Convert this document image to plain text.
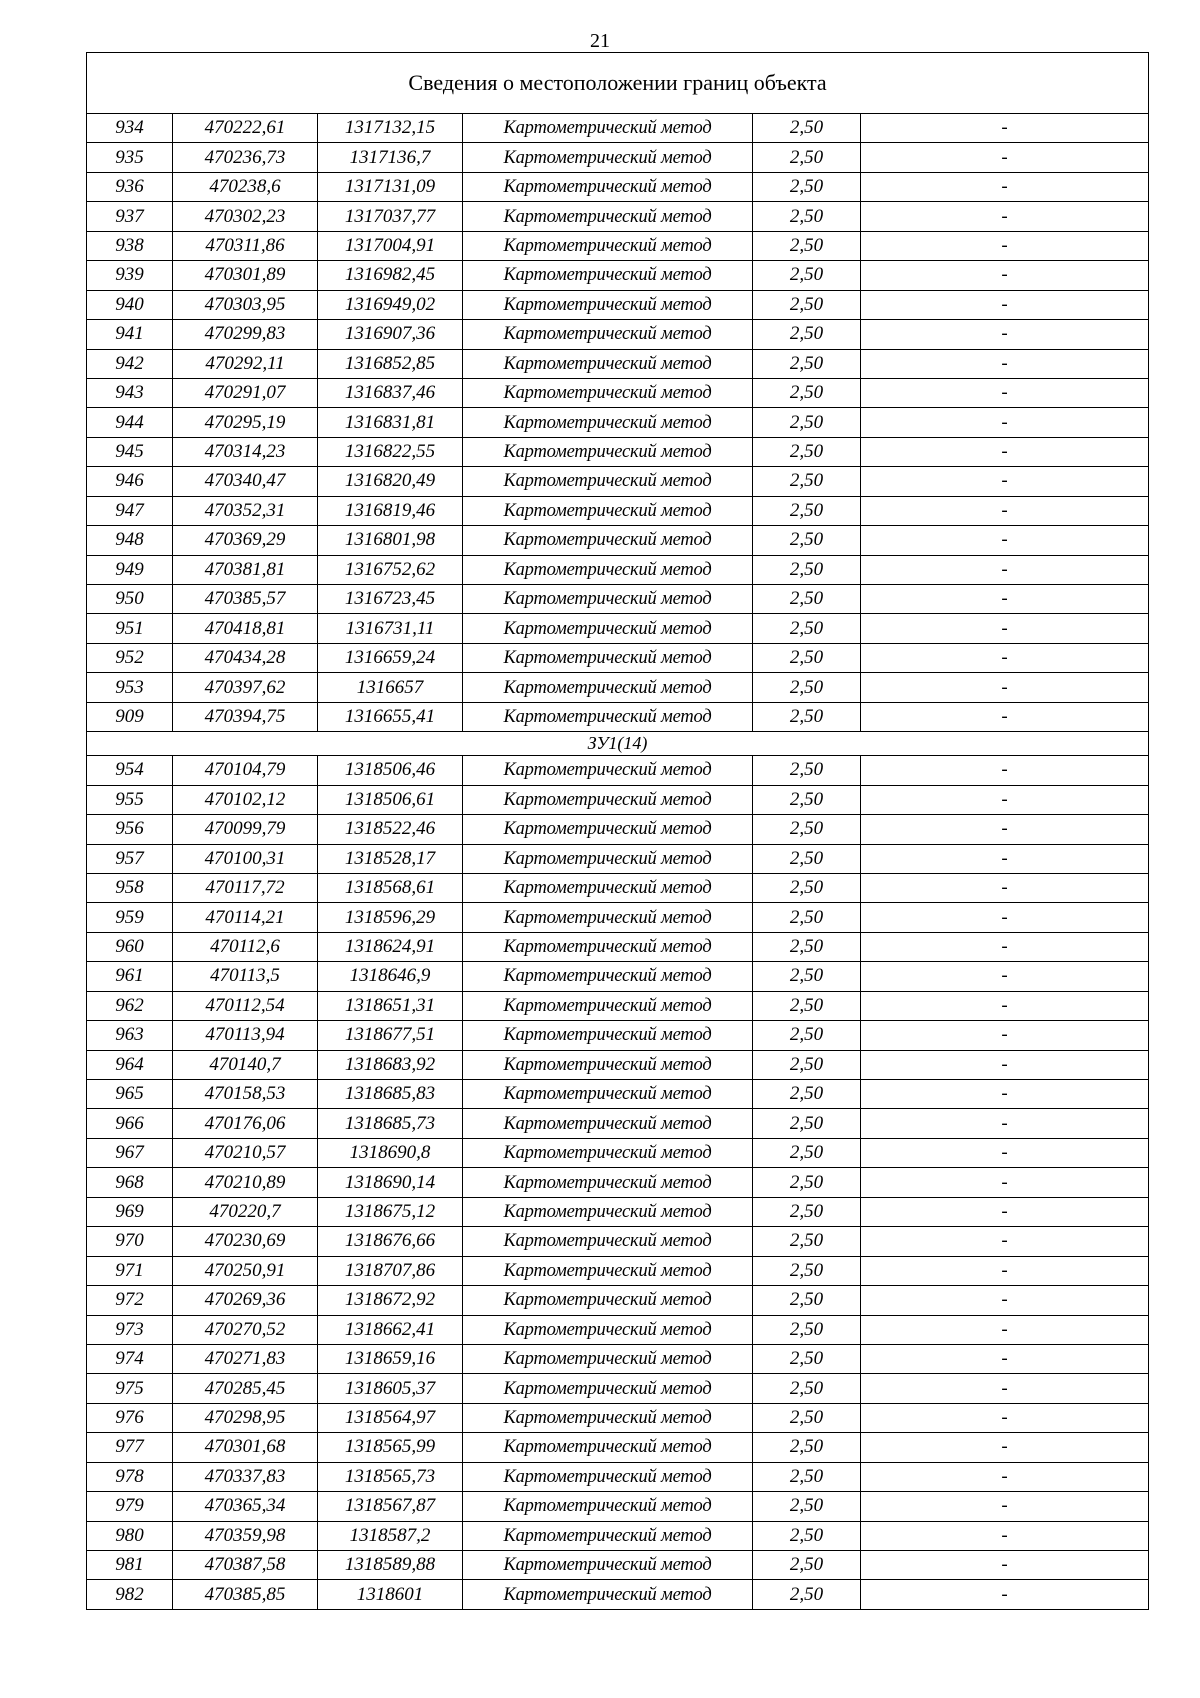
21
Сведения о местоположении границ объекта					
934	470222,61	1317132,15	Картометрический метод	2,50	-
935	470236,73	1317136,7	Картометрический метод	2,50	-
936	470238,6	1317131,09	Картометрический метод	2,50	-
937	470302,23	1317037,77	Картометрический метод	2,50	-
938	470311,86	1317004,91	Картометрический метод	2,50	-
939	470301,89	1316982,45	Картометрический метод	2,50	-
940	470303,95	1316949,02	Картометрический метод	2,50	-
941	470299,83	1316907,36	Картометрический метод	2,50	-
942	470292,11	1316852,85	Картометрический метод	2,50	-
943	470291,07	1316837,46	Картометрический метод	2,50	-
944	470295,19	1316831,81	Картометрический метод	2,50	-
945	470314,23	1316822,55	Картометрический метод	2,50	-
946	470340,47	1316820,49	Картометрический метод	2,50	-
947	470352,31	1316819,46	Картометрический метод	2,50	-
948	470369,29	1316801,98	Картометрический метод	2,50	-
949	470381,81	1316752,62	Картометрический метод	2,50	-
950	470385,57	1316723,45	Картометрический метод	2,50	-
951	470418,81	1316731,11	Картометрический метод	2,50	-
952	470434,28	1316659,24	Картометрический метод	2,50	-
953	470397,62	1316657	Картометрический метод	2,50	-
909	470394,75	1316655,41	Картометрический метод	2,50	-
ЗУ1(14)					
954	470104,79	1318506,46	Картометрический метод	2,50	-
955	470102,12	1318506,61	Картометрический метод	2,50	-
956	470099,79	1318522,46	Картометрический метод	2,50	-
957	470100,31	1318528,17	Картометрический метод	2,50	-
958	470117,72	1318568,61	Картометрический метод	2,50	-
959	470114,21	1318596,29	Картометрический метод	2,50	-
960	470112,6	1318624,91	Картометрический метод	2,50	-
961	470113,5	1318646,9	Картометрический метод	2,50	-
962	470112,54	1318651,31	Картометрический метод	2,50	-
963	470113,94	1318677,51	Картометрический метод	2,50	-
964	470140,7	1318683,92	Картометрический метод	2,50	-
965	470158,53	1318685,83	Картометрический метод	2,50	-
966	470176,06	1318685,73	Картометрический метод	2,50	-
967	470210,57	1318690,8	Картометрический метод	2,50	-
968	470210,89	1318690,14	Картометрический метод	2,50	-
969	470220,7	1318675,12	Картометрический метод	2,50	-
970	470230,69	1318676,66	Картометрический метод	2,50	-
971	470250,91	1318707,86	Картометрический метод	2,50	-
972	470269,36	1318672,92	Картометрический метод	2,50	-
973	470270,52	1318662,41	Картометрический метод	2,50	-
974	470271,83	1318659,16	Картометрический метод	2,50	-
975	470285,45	1318605,37	Картометрический метод	2,50	-
976	470298,95	1318564,97	Картометрический метод	2,50	-
977	470301,68	1318565,99	Картометрический метод	2,50	-
978	470337,83	1318565,73	Картометрический метод	2,50	-
979	470365,34	1318567,87	Картометрический метод	2,50	-
980	470359,98	1318587,2	Картометрический метод	2,50	-
981	470387,58	1318589,88	Картометрический метод	2,50	-
982	470385,85	1318601	Картометрический метод	2,50	-
